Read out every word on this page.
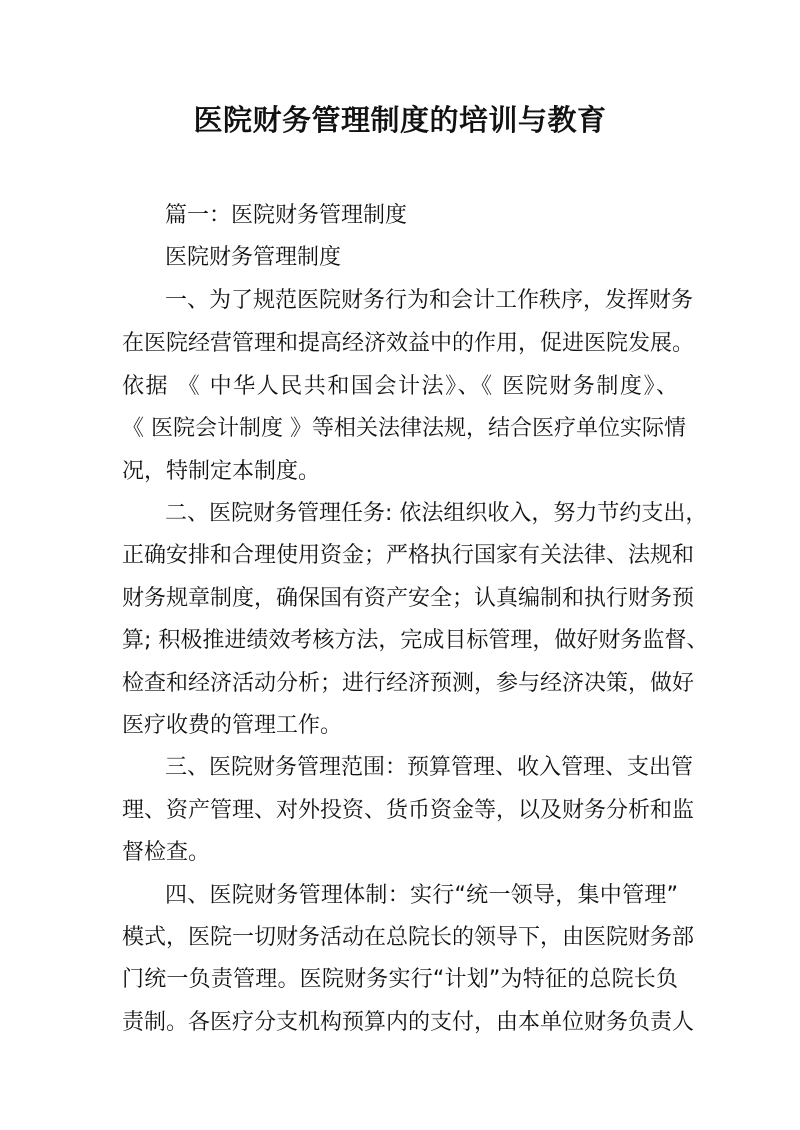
医院财务管理制度的培训与教育

篇一：医院财务管理制度

医院财务管理制度

一、为了规范医院财务行为和会计工作秩序，发挥财务

在医院经营管理和提高经济效益中的作用，促进医院发展。

依据 《 中华人民共和国会计法》、《 医院财务制度》、

《 医院会计制度 》等相关法律法规，结合医疗单位实际情

况，特制定本制度。

二、医院财务管理任务: 依法组织收入，努力节约支出，

正确安排和合理使用资金；严格执行国家有关法律、法规和

财务规章制度，确保国有资产安全；认真编制和执行财务预

算; 积极推进绩效考核方法，完成目标管理，做好财务监督、

检查和经济活动分析；进行经济预测，参与经济决策，做好

医疗收费的管理工作。

三、医院财务管理范围：预算管理、收入管理、支出管

理、资产管理、对外投资、货币资金等，以及财务分析和监

督检查。

四、医院财务管理体制：实行“统一领导，集中管理”

模式，医院一切财务活动在总院长的领导下，由医院财务部

门统一负责管理。医院财务实行“计划”为特征的总院长负

责制。各医疗分支机构预算内的支付，由本单位财务负责人
